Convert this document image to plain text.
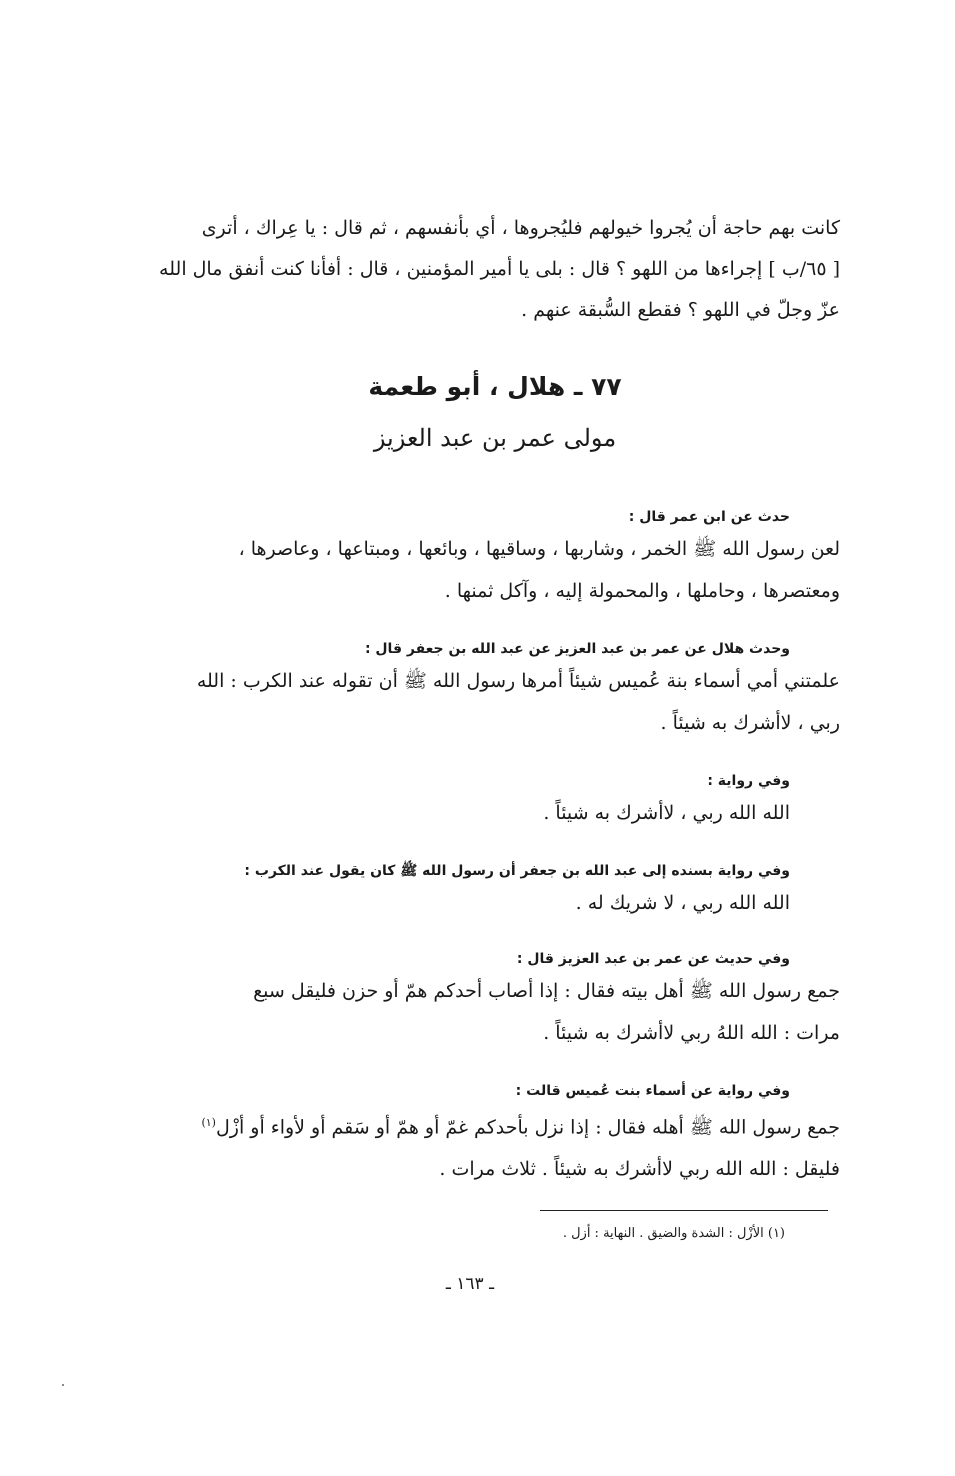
كانت بهم حاجة أن يُجروا خيولهم فليُجروها ، أي بأنفسهم ، ثم قال : يا عِراك ، أترى
[ ٦٥/ب ] إجراءها من اللهو ؟ قال : بلى يا أمير المؤمنين ، قال : أفأنا كنت أنفق مال الله
عزّ وجلّ في اللهو ؟ فقطع السُّبقة عنهم .
٧٧ ـ هلال ، أبو طعمة
مولى عمر بن عبد العزيز
حدث عن ابن عمر قال :
لعن رسول الله ﷺ الخمر ، وشاربها ، وساقيها ، وبائعها ، ومبتاعها ، وعاصرها ،
ومعتصرها ، وحاملها ، والمحمولة إليه ، وآكل ثمنها .
وحدث هلال عن عمر بن عبد العزيز عن عبد الله بن جعفر قال :
علمتني أمي أسماء بنة عُميس شيئاً أمرها رسول الله ﷺ أن تقوله عند الكرب : الله
ربي ، لاأشرك به شيئاً .
وفي رواية :
الله الله ربي ، لاأشرك به شيئاً .
وفي رواية بسنده إلى عبد الله بن جعفر أن رسول الله ﷺ كان يقول عند الكرب :
الله الله ربي ، لا شريك له .
وفي حديث عن عمر بن عبد العزيز قال :
جمع رسول الله ﷺ أهل بيته فقال : إذا أصاب أحدكم همّ أو حزن فليقل سبع
مرات : الله اللهُ ربي لاأشرك به شيئاً .
وفي رواية عن أسماء بنت عُميس قالت :
جمع رسول الله ﷺ أهله فقال : إذا نزل بأحدكم غمّ أو همّ أو سَقم أو لأواء أو أزْل$^{(١)}$
فليقل : الله الله ربي لاأشرك به شيئاً . ثلاث مرات .
(١) الأزْل : الشدة والضيق . النهاية : أزل .
ـ ١٦٣ ـ
